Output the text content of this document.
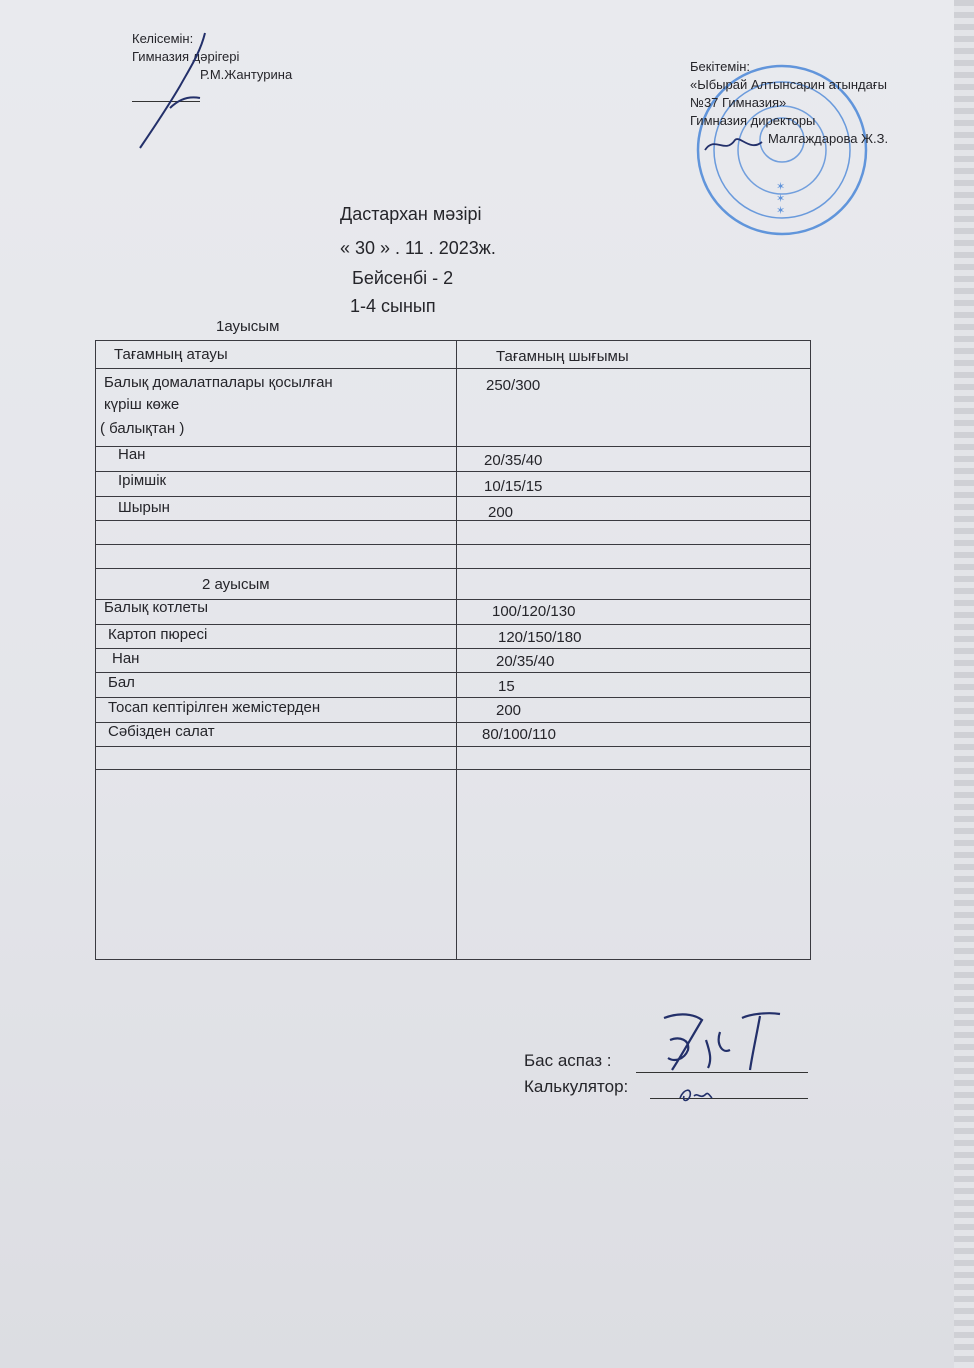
Келісемін:
Гимназия дәрігері
Р.М.Жантурина
✶
✶
✶
Бекітемін:
«Ыбырай Алтынсарин атындағы
№37 Гимназия»
Гимназия директоры
Малгаждарова Ж.З.
Дастархан мәзірі
« 30 » . 11 . 2023ж.
Бейсенбі - 2
1-4 сынып
1ауысым
Тағамның атауы	Тағамның шығымы
Балық домалатпалары қосылған
күріш көже
( балықтан )
250/300
Нан	20/35/40
Ірімшік	10/15/15
Шырын	200
2 ауысым
Балық котлеты	100/120/130
Картоп пюресі	120/150/180
Нан	20/35/40
Бал	15
Тосап кептірілген жемістерден	200
Сәбізден салат	80/100/110
Бас аспаз :
Калькулятор:
